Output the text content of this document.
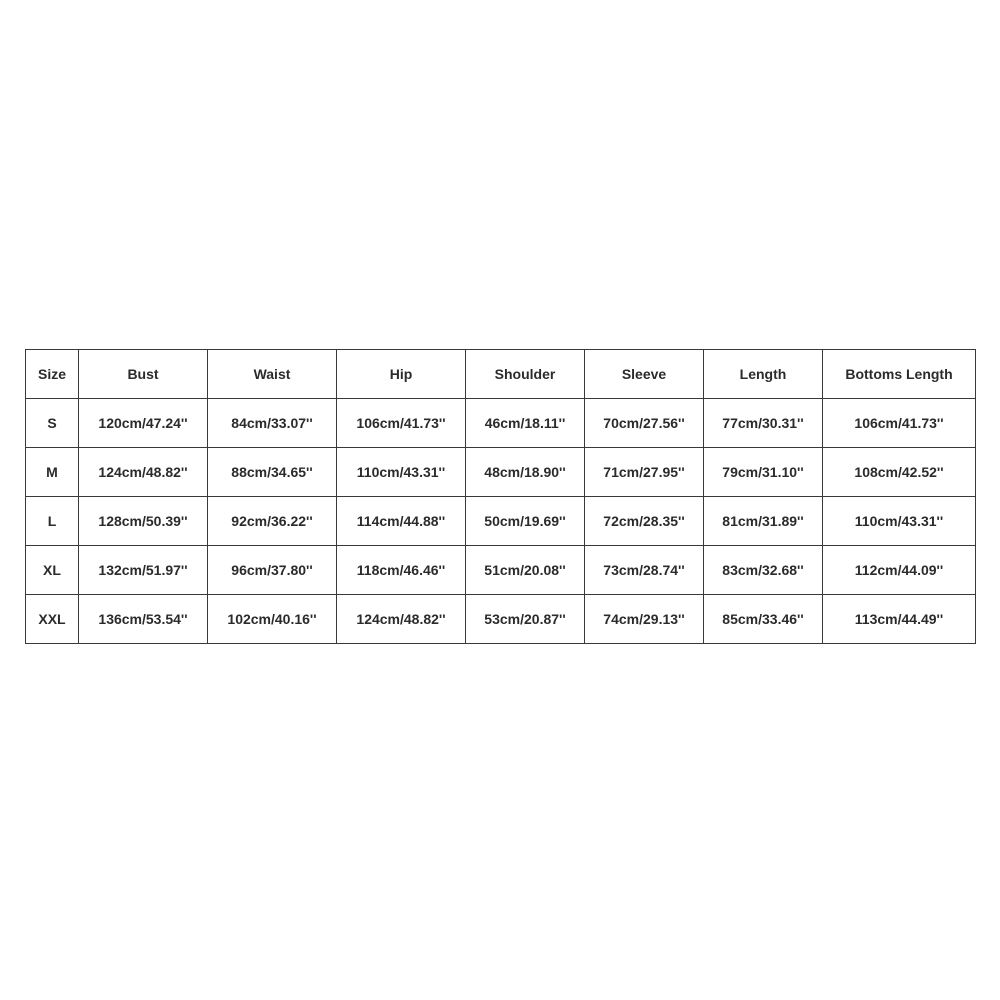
Size	Bust	Waist	Hip	Shoulder	Sleeve	Length	Bottoms Length
S	120cm/47.24''	84cm/33.07''	106cm/41.73''	46cm/18.11''	70cm/27.56''	77cm/30.31''	106cm/41.73''
M	124cm/48.82''	88cm/34.65''	110cm/43.31''	48cm/18.90''	71cm/27.95''	79cm/31.10''	108cm/42.52''
L	128cm/50.39''	92cm/36.22''	114cm/44.88''	50cm/19.69''	72cm/28.35''	81cm/31.89''	110cm/43.31''
XL	132cm/51.97''	96cm/37.80''	118cm/46.46''	51cm/20.08''	73cm/28.74''	83cm/32.68''	112cm/44.09''
XXL	136cm/53.54''	102cm/40.16''	124cm/48.82''	53cm/20.87''	74cm/29.13''	85cm/33.46''	113cm/44.49''
